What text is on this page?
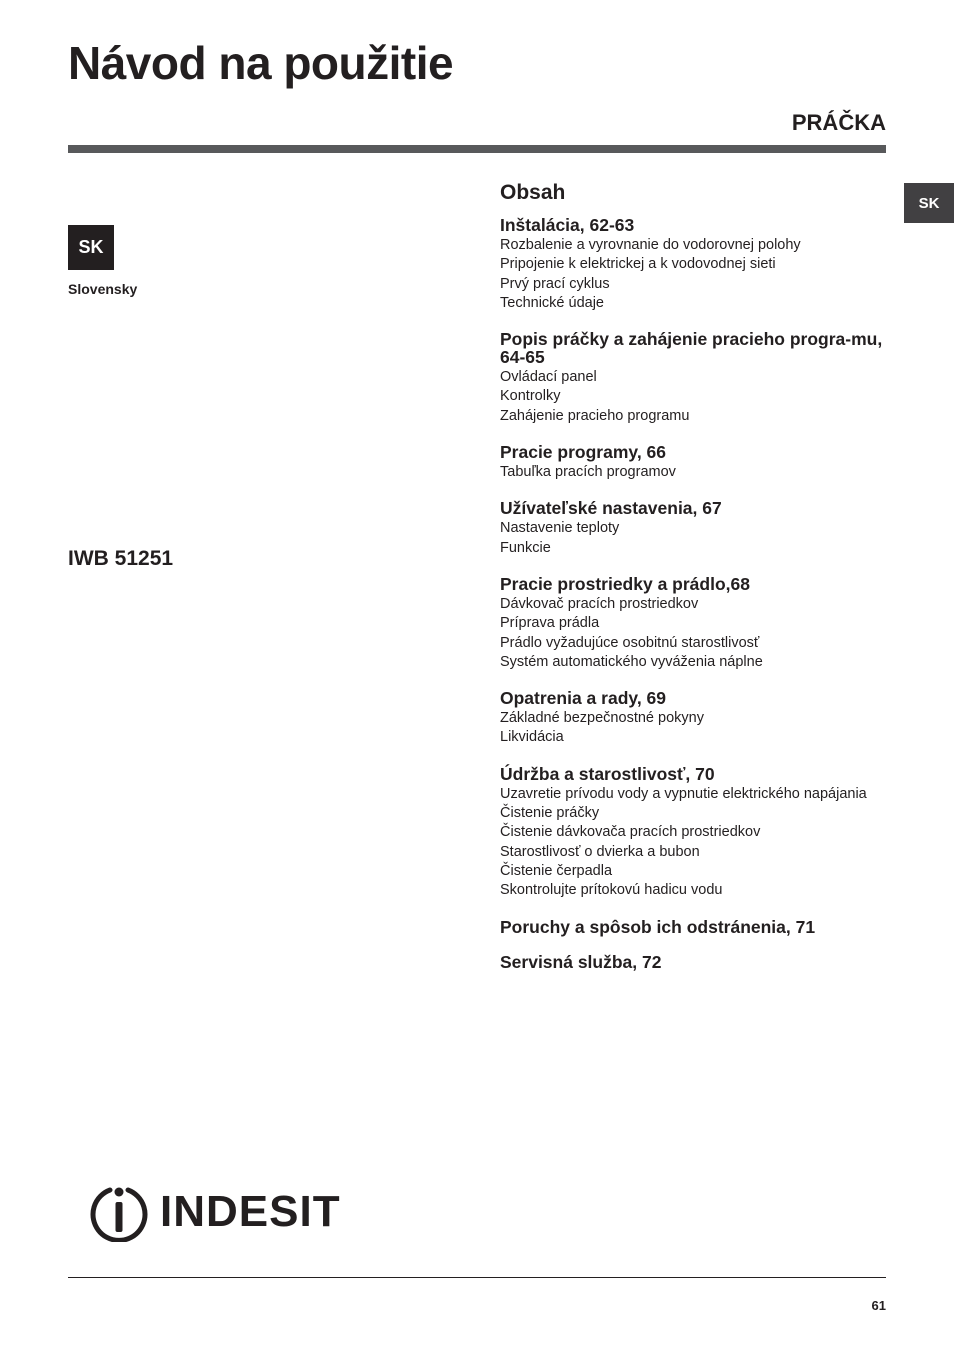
Návod na použitie
PRÁČKA
SK
SK
Slovensky
IWB 51251
Obsah
Inštalácia, 62-63
Rozbalenie a vyrovnanie do vodorovnej polohy
Pripojenie k elektrickej a k vodovodnej sieti
Prvý prací cyklus
Technické údaje
Popis práčky a zahájenie pracieho progra-mu, 64-65
Ovládací panel
Kontrolky
Zahájenie pracieho programu
Pracie programy, 66
Tabuľka pracích programov
Užívateľské nastavenia, 67
Nastavenie teploty
Funkcie
Pracie prostriedky a prádlo,68
Dávkovač pracích prostriedkov
Príprava prádla
Prádlo vyžadujúce osobitnú starostlivosť
Systém automatického vyváženia náplne
Opatrenia a rady, 69
Základné bezpečnostné pokyny
Likvidácia
Údržba a starostlivosť, 70
Uzavretie prívodu vody a vypnutie elektrického napájania
Čistenie práčky
Čistenie dávkovača pracích prostriedkov
Starostlivosť o dvierka a bubon
Čistenie čerpadla
Skontrolujte prítokovú hadicu vodu
Poruchy a spôsob ich odstránenia, 71
Servisná služba, 72
INDESIT
61
